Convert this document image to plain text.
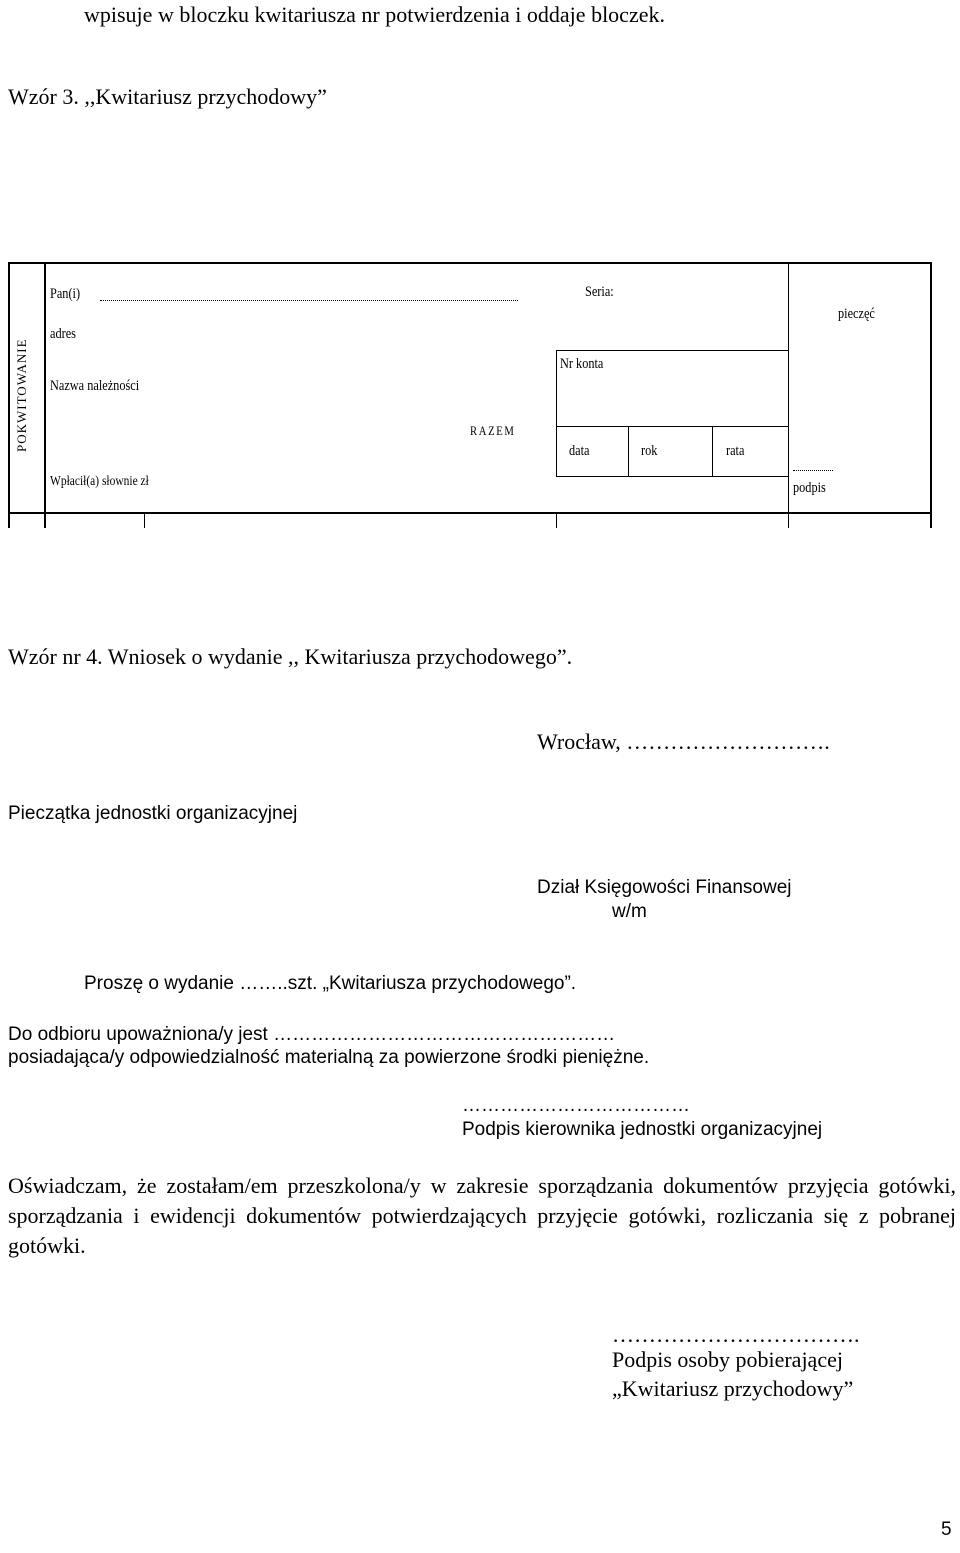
wpisuje w bloczku kwitariusza nr potwierdzenia i oddaje bloczek.
Wzór 3. ,,Kwitariusz przychodowy”
POKWITOWANIE
Pan(i)
adres
Nazwa należności
RAZEM
Wpłacił(a) słownie zł
Seria:
Nr konta
data	rok	rata
pieczęć
podpis
Wzór nr 4. Wniosek o wydanie ,, Kwitariusza przychodowego”.
Wrocław, ……………………….
Pieczątka jednostki organizacyjnej
Dział Księgowości Finansowej
w/m
Proszę o wydanie ……..szt. „Kwitariusza przychodowego”.
Do odbioru upoważniona/y jest ………………………………………………
posiadająca/y odpowiedzialność materialną za powierzone środki pieniężne.
………………………………
Podpis kierownika jednostki organizacyjnej
Oświadczam, że zostałam/em przeszkolona/y w zakresie sporządzania dokumentów przyjęcia gotówki, sporządzania i ewidencji dokumentów potwierdzających przyjęcie gotówki, rozliczania się z pobranej gotówki.
…………………………….
Podpis osoby pobierającej
„Kwitariusz przychodowy”
5
